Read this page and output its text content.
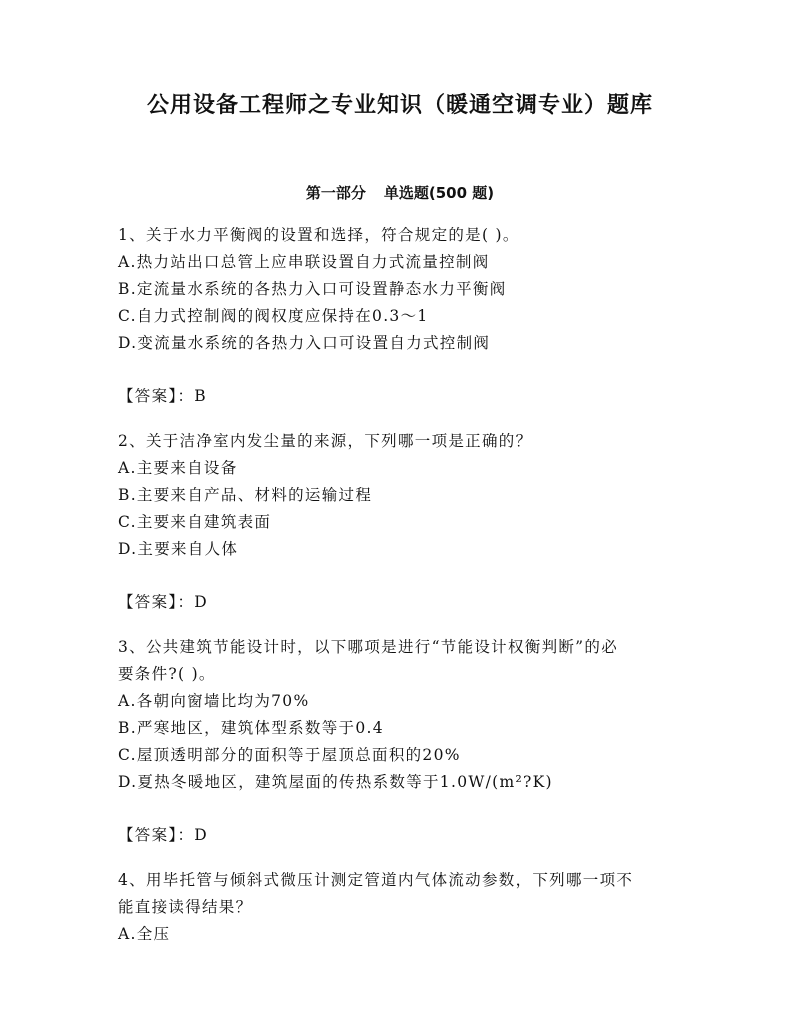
公用设备工程师之专业知识（暖通空调专业）题库
第一部分 单选题(500 题)
1、关于水力平衡阀的设置和选择，符合规定的是( )。
A.热力站出口总管上应串联设置自力式流量控制阀
B.定流量水系统的各热力入口可设置静态水力平衡阀
C.自力式控制阀的阀权度应保持在0.3～1
D.变流量水系统的各热力入口可设置自力式控制阀
【答案】：B
2、关于洁净室内发尘量的来源，下列哪一项是正确的？
A.主要来自设备
B.主要来自产品、材料的运输过程
C.主要来自建筑表面
D.主要来自人体
【答案】：D
3、公共建筑节能设计时，以下哪项是进行“节能设计权衡判断”的必
要条件?( )。
A.各朝向窗墙比均为70%
B.严寒地区，建筑体型系数等于0.4
C.屋顶透明部分的面积等于屋顶总面积的20%
D.夏热冬暖地区，建筑屋面的传热系数等于1.0W/(m²?K)
【答案】：D
4、用毕托管与倾斜式微压计测定管道内气体流动参数，下列哪一项不
能直接读得结果？
A.全压
